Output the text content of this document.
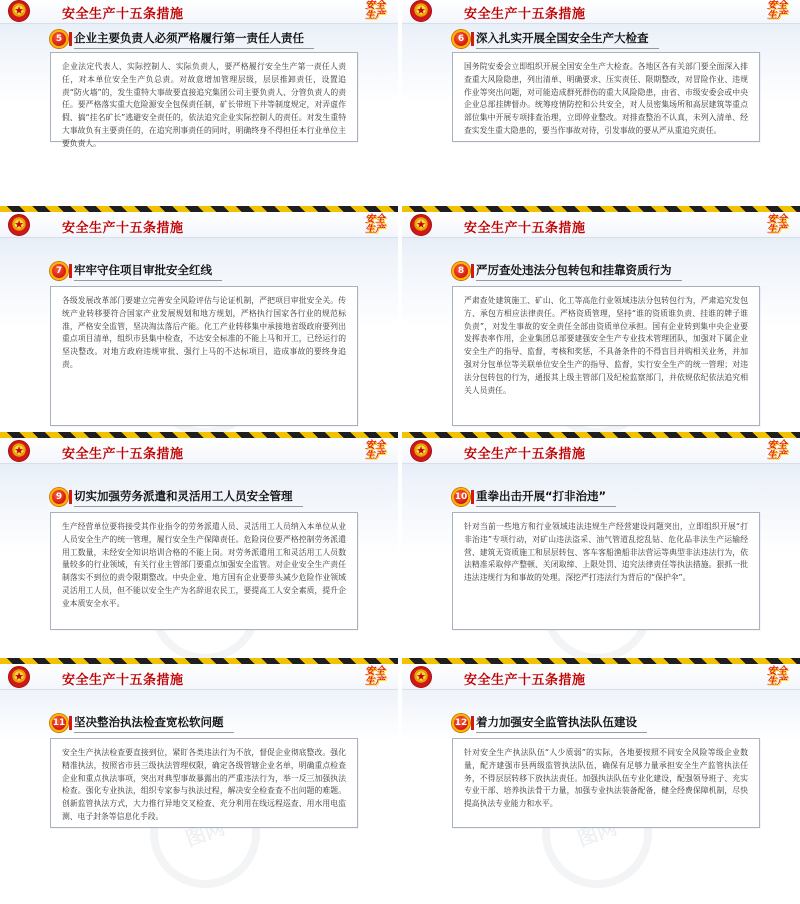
★	安全生产十五条措施
安全生产
5	企业主要负责人必须严格履行第一责任人责任
企业法定代表人、实际控制人、实际负责人，要严格履行安全生产第一责任人责任，对本单位安全生产负总责。对故意增加管理层级，层层推卸责任，设置追责“防火墙”的，发生重特大事故要直接追究集团公司主要负责人、分管负责人的责任。要严格落实重大危险源安全包保责任制，矿长带班下井等制度规定，对弄虚作假、搞“挂名矿长”逃避安全责任的，依法追究企业实际控制人的责任。对发生重特大事故负有主要责任的，在追究刑事责任的同时，明确终身不得担任本行业单位主要负责人。
★	安全生产十五条措施
安全生产
6	深入扎实开展全国安全生产大检查
国务院安委会立即组织开展全国安全生产大检查。各地区各有关部门要全面深入排查重大风险隐患，列出清单、明确要求、压实责任、限期整改，对冒险作业、违规作业等突出问题，对可能造成群死群伤的重大风险隐患，由省、市级安委会或中央企业总部挂牌督办。统筹疫情防控和公共安全，对人员密集场所和高层建筑等重点部位集中开展专项排查治理，立即停业整改。对排查整治不认真，未列入清单、经查实发生重大隐患的，要当作事故对待，引发事故的要从严从重追究责任。
★	安全生产十五条措施
安全生产
7	牢牢守住项目审批安全红线
各级发展改革部门要建立完善安全风险评估与论证机制，严把项目审批安全关。传统产业转移要符合国家产业发展规划和地方规划，严格执行国家各行业的规范标准，严格安全监管，坚决淘汰落后产能。化工产业转移集中承接地省级政府要列出重点项目清单，组织市县集中检查，不达安全标准的不能上马和开工，已经运行的坚决整改。对地方政府违规审批、强行上马的不达标项目，造成事故的要终身追责。
★	安全生产十五条措施
安全生产
8	严厉查处违法分包转包和挂靠资质行为
严肃查处建筑施工、矿山、化工等高危行业领域违法分包转包行为，严肃追究发包方、承包方相应法律责任。严格资质管理，坚持“谁的资质谁负责、挂谁的牌子谁负责”，对发生事故的安全责任全部由资质单位承担。国有企业转到集中央企业要发挥表率作用，企业集团总部要建强安全生产专业技术管理团队，加强对下属企业安全生产的指导、监督，考核和奖惩，不具备条件的不得盲目并购相关业务，并加强对分包单位等关联单位安全生产的指导、监督，实行安全生产的统一管理；对违法分包转包的行为，通报其上级主管部门及纪检监察部门，并依规依纪依法追究相关人员责任。
★	安全生产十五条措施
安全生产
9	切实加强劳务派遣和灵活用工人员安全管理
生产经营单位要将接受其作业指令的劳务派遣人员、灵活用工人员纳入本单位从业人员安全生产的统一管理，履行安全生产保障责任。危险岗位要严格控制劳务派遣用工数量，未经安全知识培训合格的不能上岗。对劳务派遣用工和灵活用工人员数量较多的行业领域，有关行业主管部门要重点加强安全监管。对企业安全生产责任制落实不到位的责令限期整改。中央企业、地方国有企业要带头减少危险作业领域灵活用工人员，但不能以安全生产为名辞退农民工，要提高工人安全素质，提升企业本质安全水平。
★	安全生产十五条措施
安全生产
10 重拳出击开展“打非治违”
针对当前一些地方和行业领域违法违规生产经营建设问题突出，立即组织开展“打非治违”专项行动，对矿山违法盗采、油气管道乱挖乱钻、危化品非法生产运输经营、建筑无资质施工和层层转包、客车客船渔船非法营运等典型非法违法行为，依法精准采取停产整顿、关闭取缔、上限处罚、追究法律责任等执法措施。狠抓一批违法违规行为和事故的处理。深挖严打违法行为背后的“保护伞”。
★	安全生产十五条措施
安全生产
图网
11 坚决整治执法检查宽松软问题
安全生产执法检查要直接到位，紧盯各类违法行为不放，督促企业彻底整改。强化精准执法，按照省市县三级执法管理权限，确定各级管辖企业名单，明确重点检查企业和重点执法事项，突出对典型事故暴露出的严重违法行为，举一反三加强执法检查。强化专业执法，组织专家参与执法过程，解决安全检查查不出问题的难题。创新监管执法方式，大力推行异地交叉检查、充分利用在线远程巡查、用水用电监测、电子封条等信息化手段。
★	安全生产十五条措施
安全生产
图网
12 着力加强安全监管执法队伍建设
针对安全生产执法队伍“人少质弱”的实际，各地要按照不同安全风险等级企业数量，配齐建强市县两级监管执法队伍，确保有足够力量承担安全生产监管执法任务，不得层层转移下放执法责任。加强执法队伍专业化建设，配强领导班子、充实专业干部、培养执法骨干力量，加强专业执法装备配备，健全经费保障机制，尽快提高执法专业能力和水平。
